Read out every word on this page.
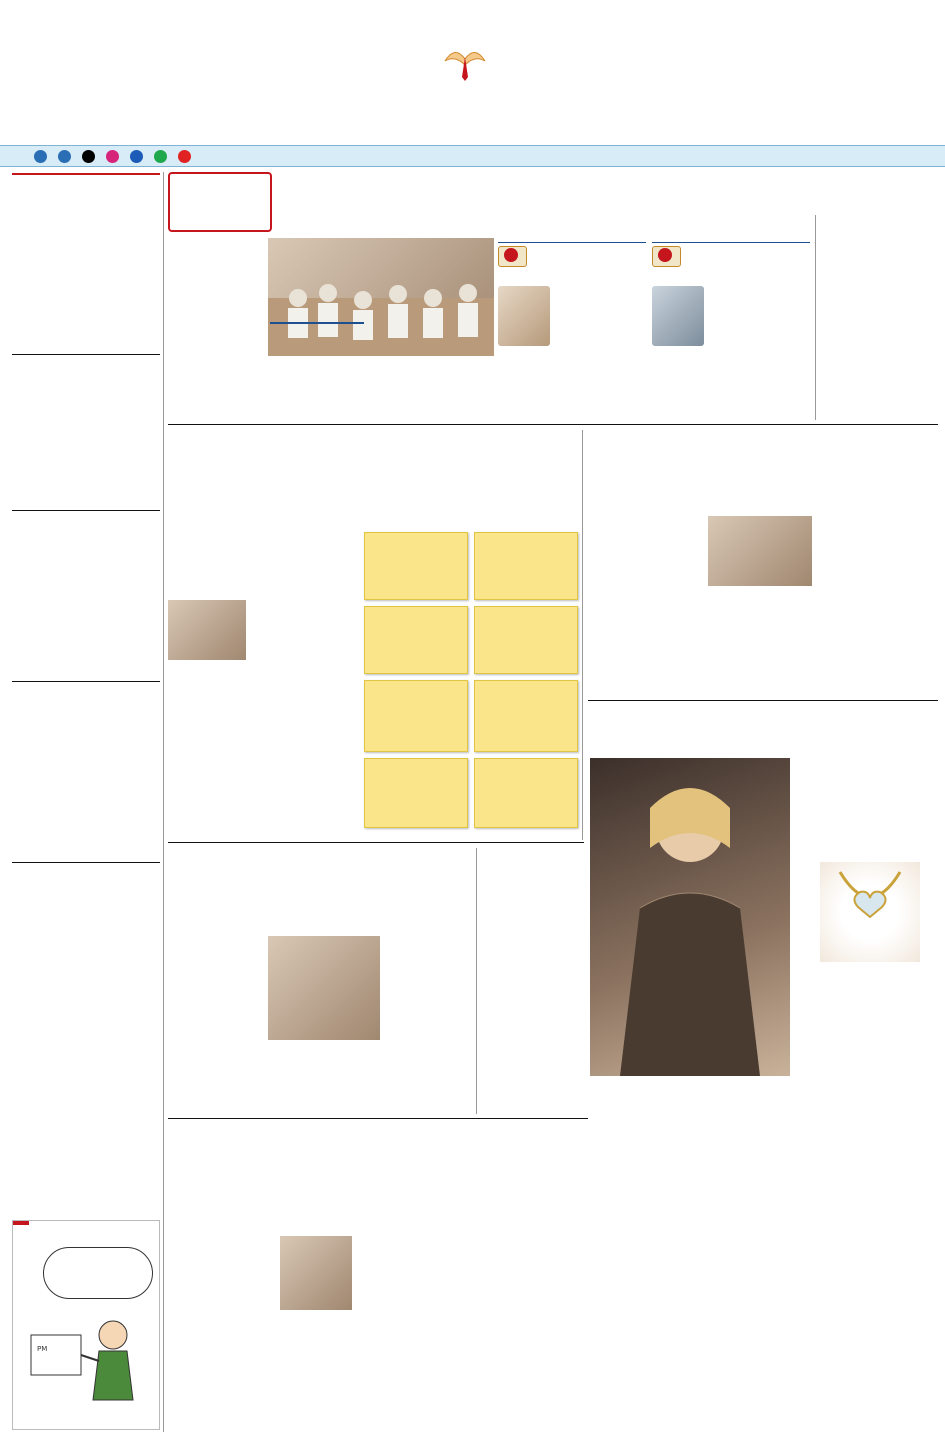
PM
